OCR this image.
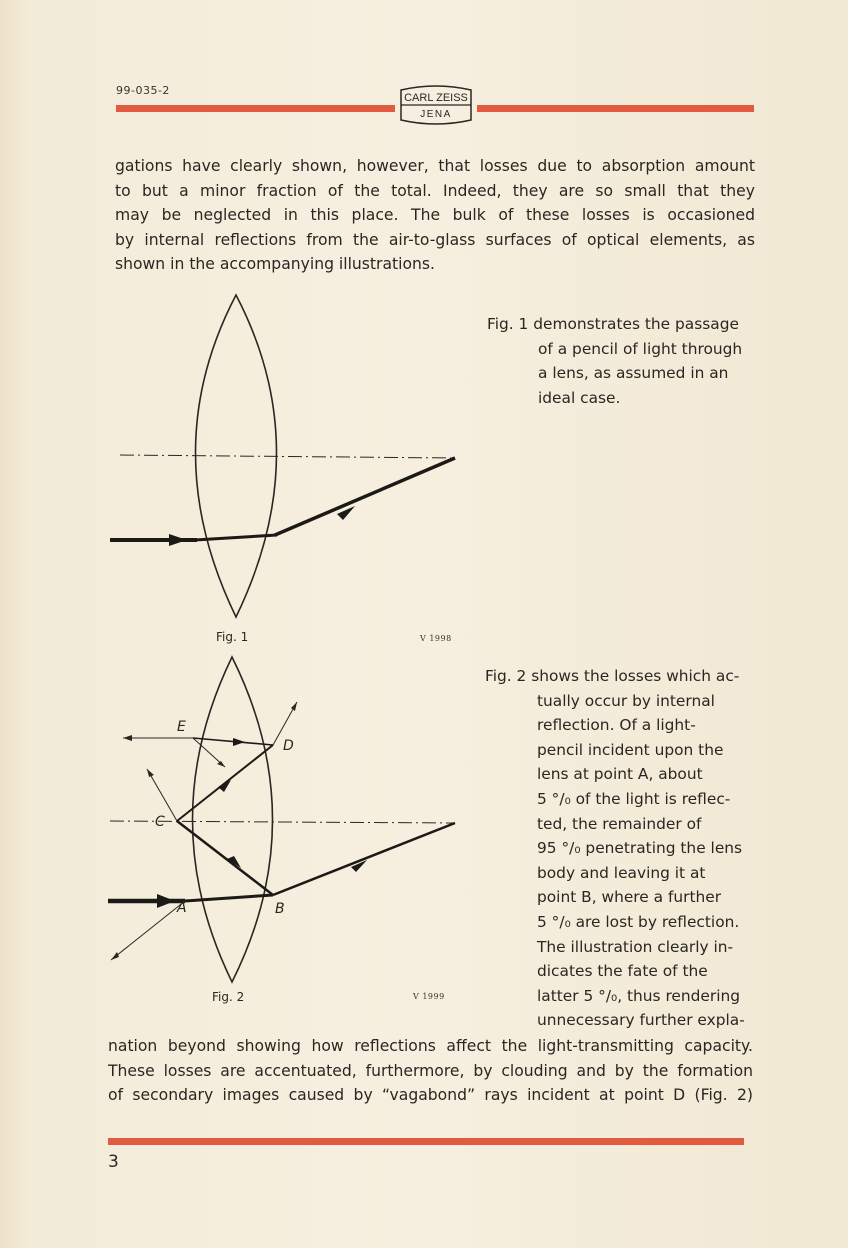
99-035-2
CARL ZEISS
JENA
gations have clearly shown, however, that losses due to absorption amount
to but a minor fraction of the total. Indeed, they are so small that they
may be neglected in this place. The bulk of these losses is occasioned
by internal reflections from the air-to-glass surfaces of optical elements, as
shown in the accompanying illustrations.
Fig. 1	V 1998
Fig. 1 demonstrates the passage
of a pencil of light through
a lens, as assumed in an
ideal case.
A	B
C
D
E
Fig. 2	V 1999
Fig. 2 shows the losses which ac-
tually occur by internal
reflection. Of a light-
pencil incident upon the
lens at point A, about
5 °/₀ of the light is reflec-
ted, the remainder of
95 °/₀ penetrating the lens
body and leaving it at
point B, where a further
5 °/₀ are lost by reflection.
The illustration clearly in-
dicates the fate of the
latter 5 °/₀, thus rendering
unnecessary further expla-
nation beyond showing how reflections affect the light-transmitting capacity.
These losses are accentuated, furthermore, by clouding and by the formation
of secondary images caused by “vagabond” rays incident at point D (Fig. 2)
3
